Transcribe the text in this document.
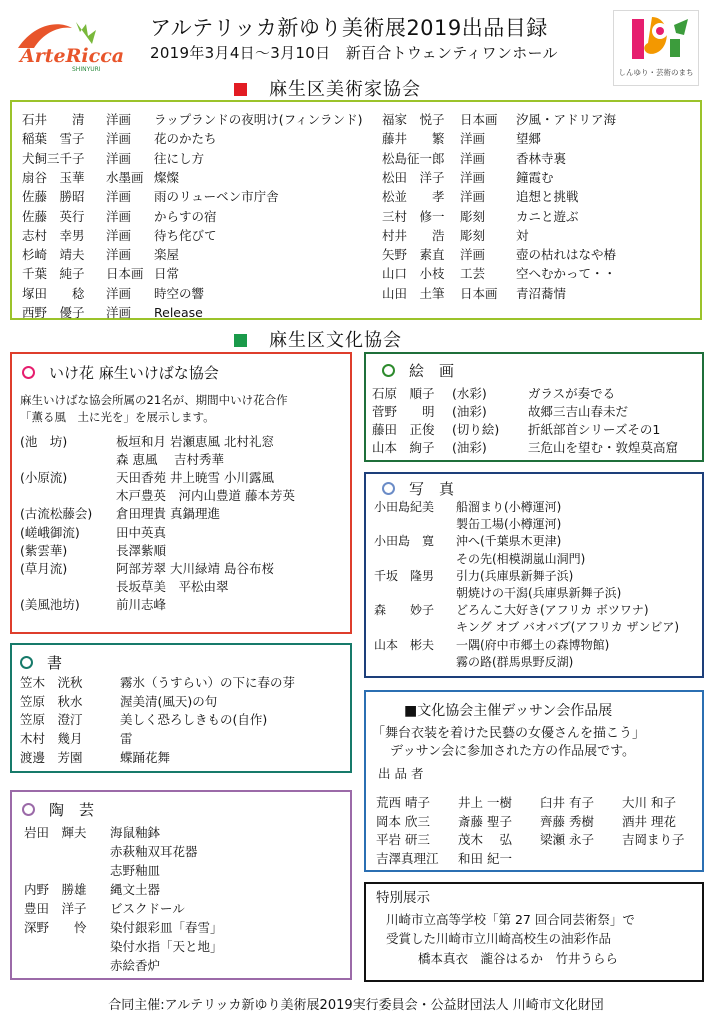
ArteRicca
SHINYURI
アルテリッカ新ゆり美術展2019出品目録
2019年3月4日～3月10日　新百合トウェンティワンホール
しんゆり・芸術のまち
麻生区美術家協会
石井　　清 洋画 ラップランドの夜明け(フィンランド)
稲葉　雪子 洋画 花のかたち
犬飼三千子 洋画 往にし方
扇谷　玉華 水墨画 燦燦
佐藤　勝昭 洋画 雨のリューベン市庁舎
佐藤　英行 洋画 からすの宿
志村　幸男 洋画 待ち侘びて
杉崎　靖夫 洋画 楽屋
千葉　純子 日本画 日常
塚田　　稔 洋画 時空の響
西野　優子 洋画 Release
福家　悦子 日本画 汐風・アドリア海
藤井　　繁 洋画 望郷
松島征一郎 洋画 香林寺裏
松田　洋子 洋画 鐘霞む
松並　　孝 洋画 追想と挑戦
三村　修一 彫刻 カニと遊ぶ
村井　　浩 彫刻 対
矢野　素直 洋画 壺の枯れはなや椿
山口　小枝 工芸 空へむかって・・
山田　土筆 日本画 青沼蕎情
麻生区文化協会
いけ花 麻生いけばな協会
麻生いけばな協会所属の21名が、期間中いけ花合作
「薫る風　土に光を」を展示します。
(池　坊)	板垣和月 岩瀬恵風 北村礼窓
森 恵風　 吉村秀華
(小原流)	天田香苑 井上暁雪 小川露風
木戸豊英　河内山豊道 藤本芳英
(古流松藤会) 倉田理貴 真鍋理進
(嵯峨御流)	田中英真
(紫雲華)	長澤紫順
(草月流)	阿部芳翠 大川緑靖 島谷布桜
長坂草美　平松由翠
(美風池坊)	前川志峰
絵　画
石原　順子 (水彩)	ガラスが奏でる
菅野　　明 (油彩)	故郷三吉山春未だ
藤田　正俊 (切り絵) 折紙部首シリーズその1
山本　絢子 (油彩)	三危山を望む・敦煌莫高窟
写　真
小田島紀美 船溜まり(小樽運河)
製缶工場(小樽運河)
小田島　寛 沖へ(千葉県木更津)
その先(相模湖嵐山洞門)
千坂　隆男 引力(兵庫県新舞子浜)
朝焼けの干潟(兵庫県新舞子浜)
森　　妙子 どろんこ大好き(アフリカ ボツワナ)
キング オブ バオバブ(アフリカ ザンビア)
山本　彬夫 一隅(府中市郷土の森博物館)
霧の路(群馬県野反湖)
書
笠木　洸秋	霧氷（うすらい）の下に春の芽
笠原　秋水	渥美清(風天)の句
笠原　澄汀	美しく恐ろしきもの(自作)
木村　幾月	雷
渡邊　芳園	蝶踊花舞
■文化協会主催デッサン会作品展
「舞台衣装を着けた民藝の女優さんを描こう」
デッサン会に参加された方の作品展です。
出 品 者
荒西 晴子 井上 一樹 臼井 有子 大川 和子
岡本 欣三 斎藤 聖子 齊藤 秀樹 酒井 理花
平岩 研三 茂木　 弘 梁瀬 永子 吉岡まり子
吉澤真理江 和田 紀一
陶　芸
岩田　輝夫 海鼠釉鉢
赤萩釉双耳花器
志野釉皿
内野　勝雄 縄文土器
豊田　洋子 ビスクドール
深野　　怜 染付銀彩皿「春雪」
染付水指「天と地」
赤絵香炉
特別展示
川崎市立高等学校「第 27 回合同芸術祭」で
受賞した川崎市立川崎高校生の油彩作品
橋本真衣　瀧谷はるか　竹井うらら
合同主催:アルテリッカ新ゆり美術展2019実行委員会・公益財団法人 川崎市文化財団
